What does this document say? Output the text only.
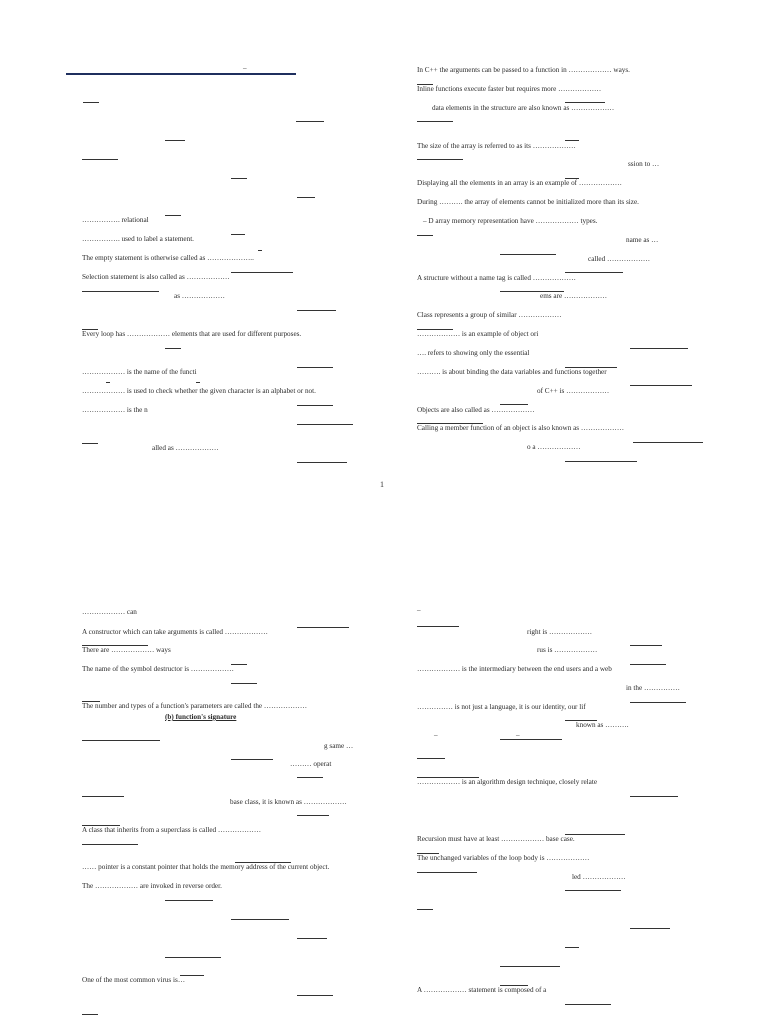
–
……………. relational
……………. used to label a statement.
The empty statement is otherwise called as ………………..
Selection statement is also called as ………………
as ………………
Every loop has ……………… elements that are used for different purposes.
……………… is the name of the functi
……………… is used to check whether the given character is an alphabet or not.
……………… is the n
alled as ………………
In C++ the arguments can be passed to a function in ……………… ways.
Inline functions execute faster but requires more ………………
data elements in the structure are also known as ………………
The size of the array is referred to as its ………………
ssion to …
Displaying all the elements in an array is an example of ………………
During ………. the array of elements cannot be initialized more than its size.
– D array memory representation have ……………… types.
name as …
called ………………
A structure without a name tag is called ………………
ems are ………………
Class represents a group of similar ………………
……………… is an example of object ori
…. refers to showing only the essential
………. is about binding the data variables and functions together
of C++ is ………………
Objects are also called as ………………
Calling a member function of an object is also known as ………………
o a ………………
1
……………… can
A constructor which can take arguments is called ………………
There are ……………… ways
The name of the symbol destructor is ………………
The number and types of a function's parameters are called the ………………
(b) function's signature
g same …
……… operat
base class, it is known as ………………
A class that inherits from a superclass is called ………………
…… pointer is a constant pointer that holds the memory address of the current object.
The ……………… are invoked in reverse order.
One of the most common virus is…
–
right is ………………
rus is ………………
……………… is the intermediary between the end users and a web
in the ……………
…………… is not just a language, it is our identity, our lif
known as ……….
–	–
……………… is an algorithm design technique, closely relate
Recursion must have at least ……………… base case.
The unchanged variables of the loop body is ………………
led ………………
A ……………… statement is composed of a
